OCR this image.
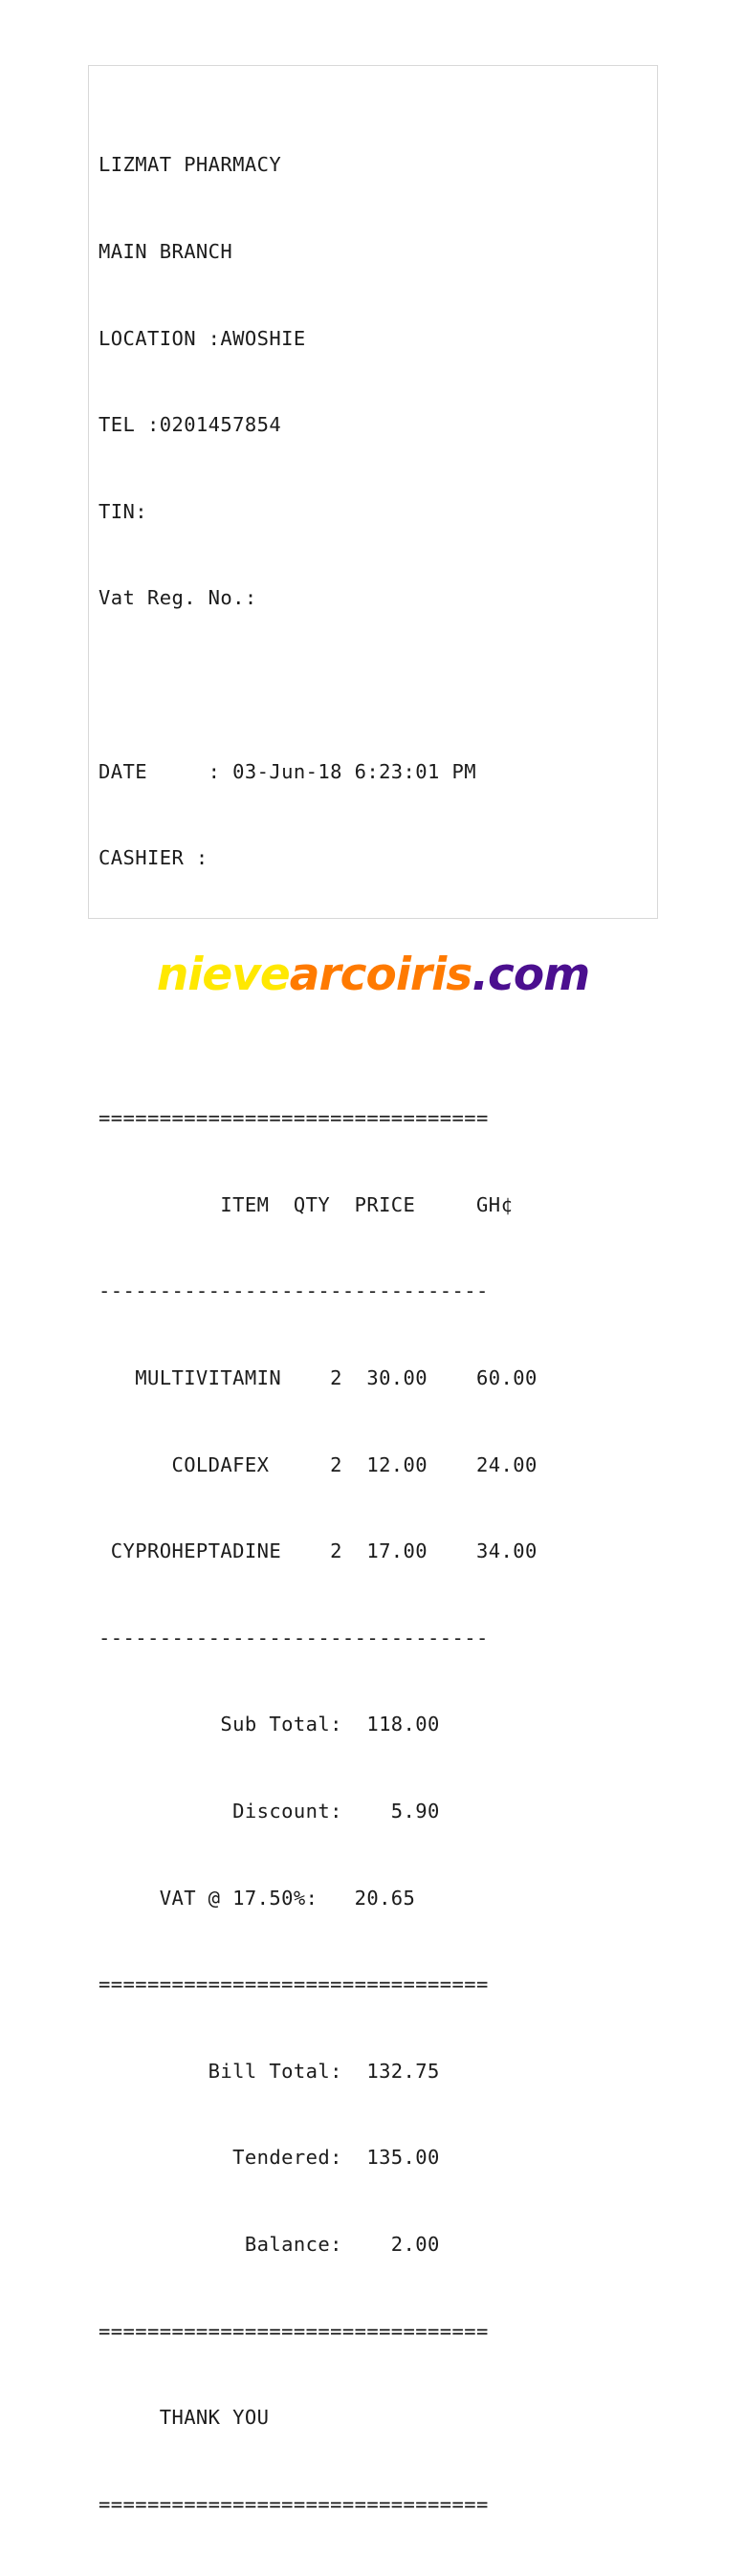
LIZMAT PHARMACY

MAIN BRANCH

LOCATION :AWOSHIE

TEL :0201457854

TIN:

Vat Reg. No.:

DATE     : 03-Jun-18 6:23:01 PM

CASHIER :

================================

ITEM  QTY  PRICE     GH¢

--------------------------------

MULTIVITAMIN    2  30.00    60.00

COLDAFEX     2  12.00    24.00

CYPROHEPTADINE    2  17.00    34.00

--------------------------------

Sub Total:  118.00

Discount:    5.90

VAT @ 17.50%:   20.65

================================

Bill Total:  132.75

Tendered:  135.00

Balance:    2.00

================================

THANK YOU

================================

nievearcoiris.com
